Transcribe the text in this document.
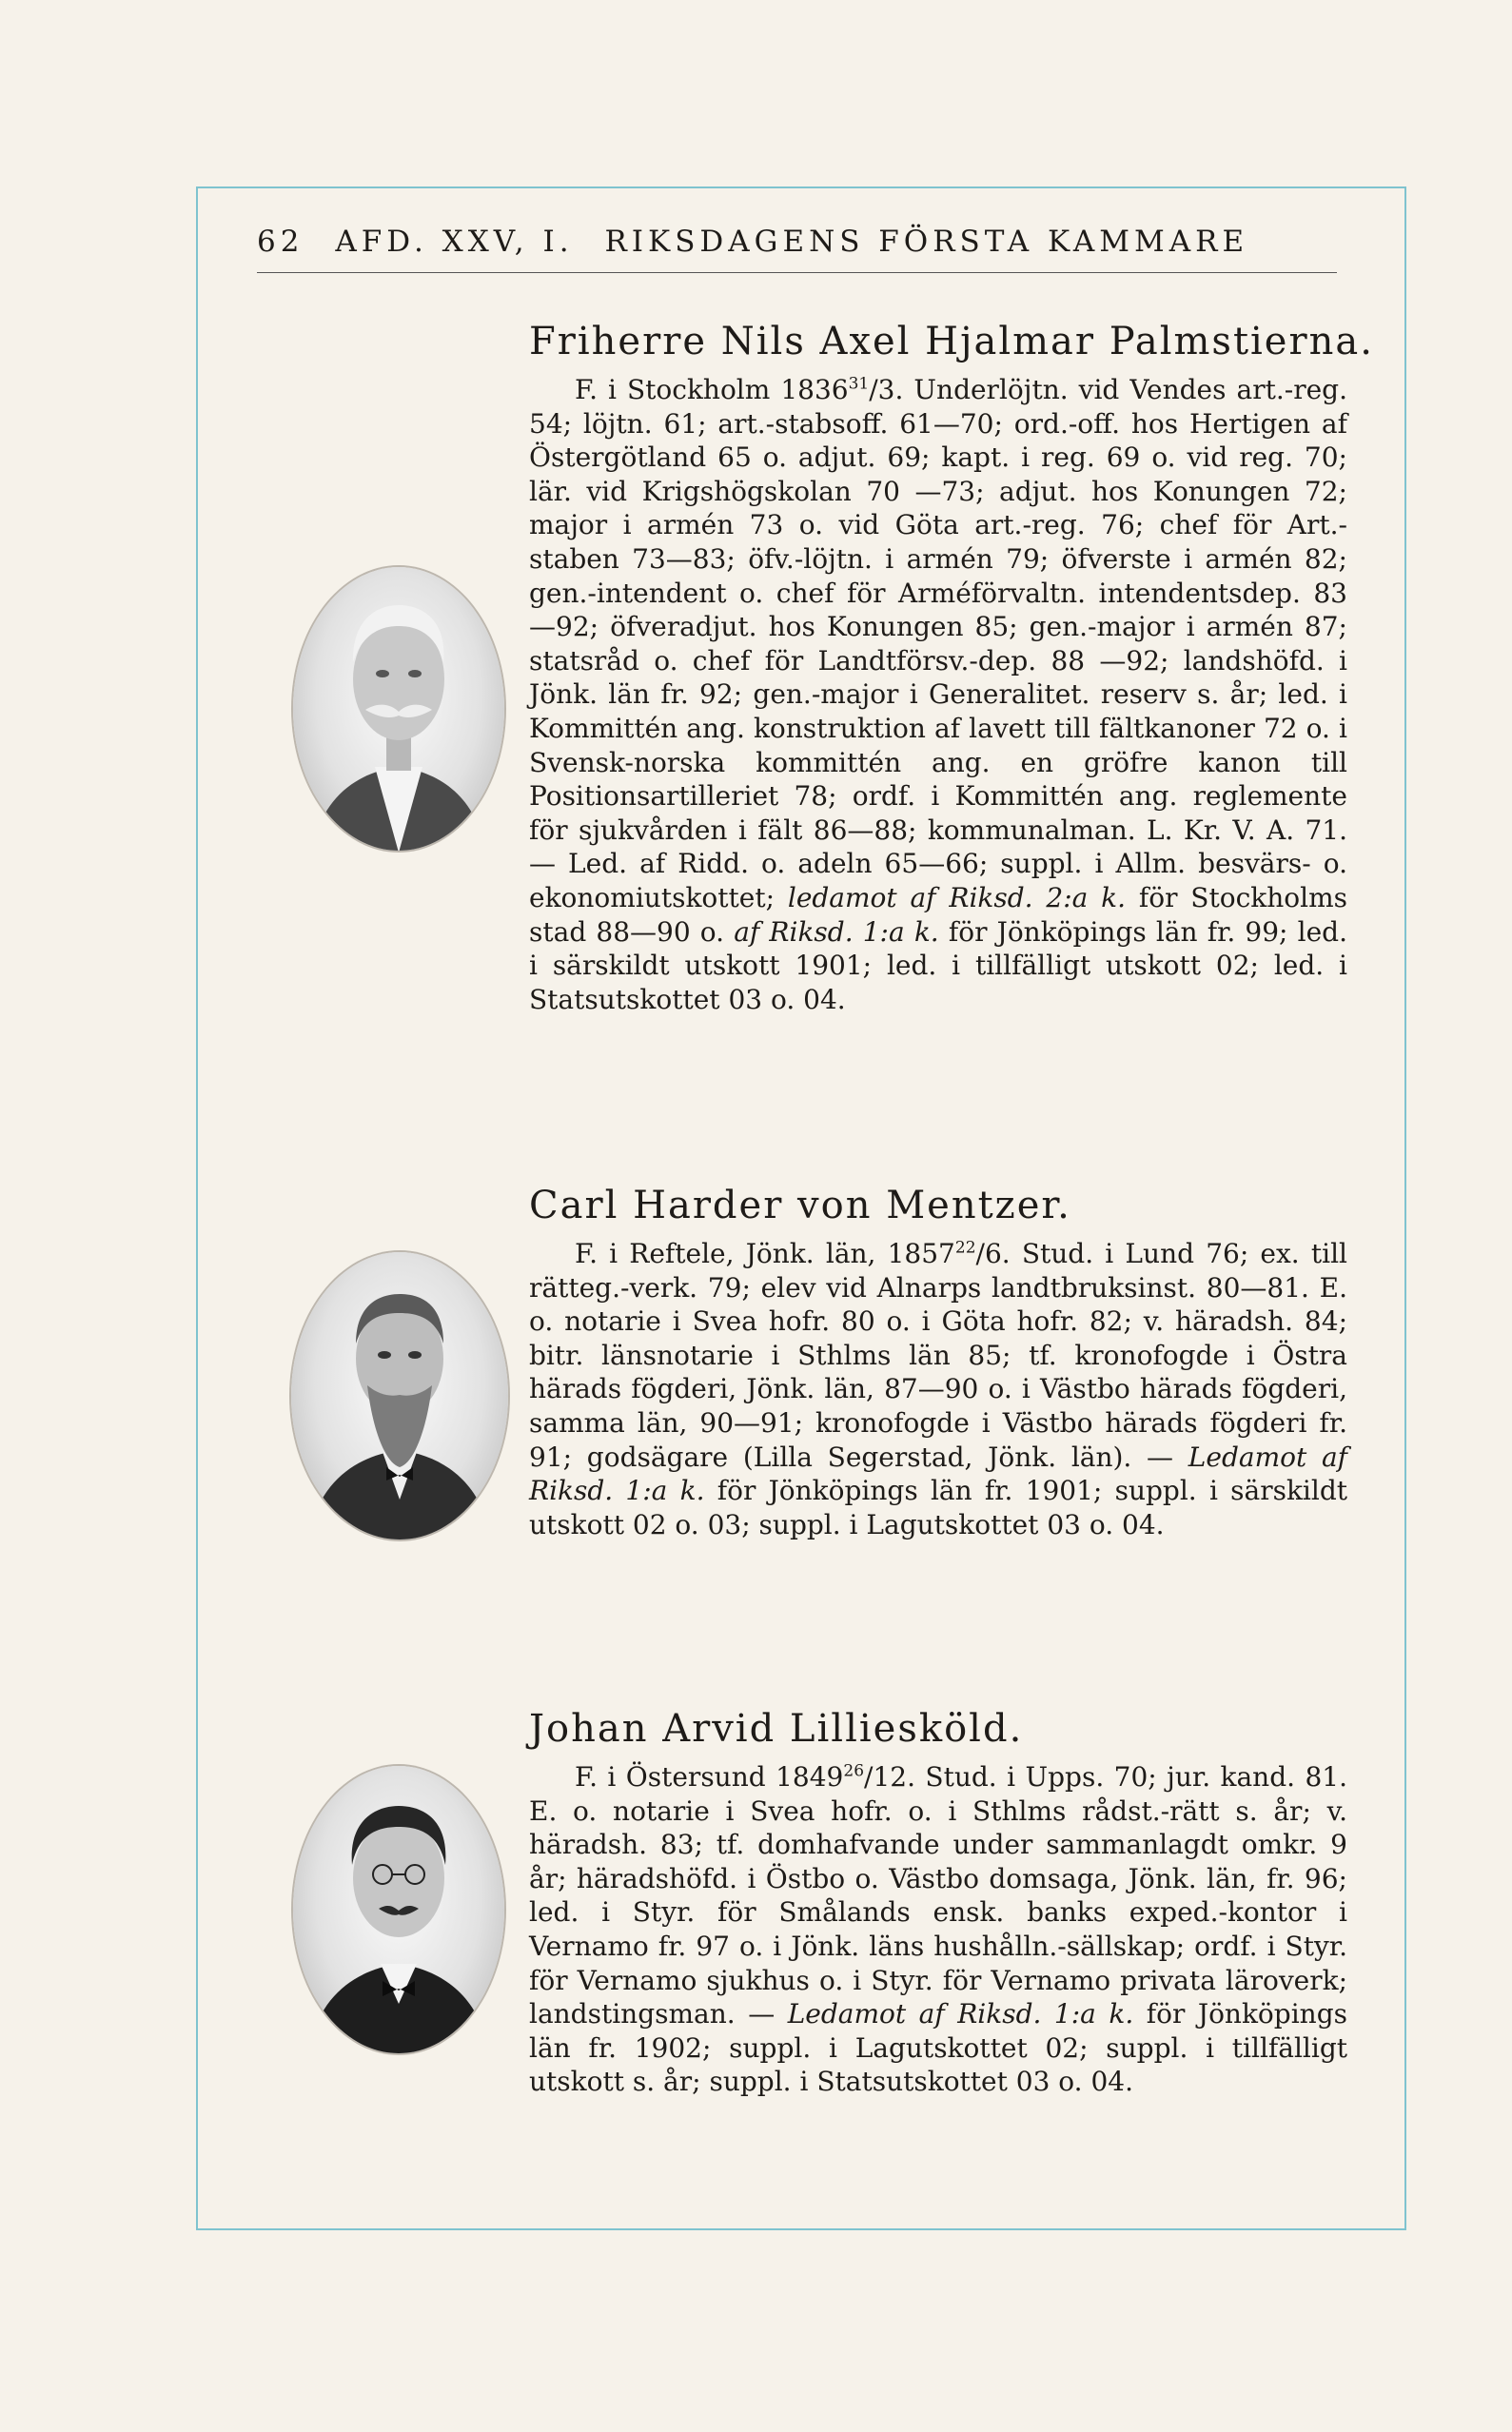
62 AFD. XXV, I. RIKSDAGENS FÖRSTA KAMMARE
Friherre Nils Axel Hjalmar Palmstierna.

F. i Stockholm 1836$^{31}$/3. Underlöjtn. vid Vendes art.-reg. 54; löjtn. 61; art.-stabsoff. 61—70; ord.-off. hos Hertigen af Östergötland 65 o. adjut. 69; kapt. i reg. 69 o. vid reg. 70; lär. vid Krigshögskolan 70 —73; adjut. hos Konungen 72; major i armén 73 o. vid Göta art.-reg. 76; chef för Art.-staben 73—83; öfv.-löjtn. i armén 79; öfverste i armén 82; gen.-intendent o. chef för Arméförvaltn. intendentsdep. 83—92; öfveradjut. hos Konungen 85; gen.-major i armén 87; statsråd o. chef för Landtförsv.-dep. 88 —92; landshöfd. i Jönk. län fr. 92; gen.-major i Generalitet. reserv s. år; led. i Kommittén ang. konstruktion af lavett till fältkanoner 72 o. i Svensk-norska kommittén ang. en gröfre kanon till Positionsartilleriet 78; ordf. i Kommittén ang. reglemente för sjukvården i fält 86—88; kommunalman. L. Kr. V. A. 71. — Led. af Ridd. o. adeln 65—66; suppl. i Allm. besvärs- o. ekonomiutskottet; ledamot af Riksd. 2:a k. för Stockholms stad 88—90 o. af Riksd. 1:a k. för Jönköpings län fr. 99; led. i särskildt utskott 1901; led. i tillfälligt utskott 02; led. i Statsutskottet 03 o. 04.

Carl Harder von Mentzer.

F. i Reftele, Jönk. län, 1857$^{22}$/6. Stud. i Lund 76; ex. till rätteg.-verk. 79; elev vid Alnarps landtbruksinst. 80—81. E. o. notarie i Svea hofr. 80 o. i Göta hofr. 82; v. häradsh. 84; bitr. länsnotarie i Sthlms län 85; tf. kronofogde i Östra härads fögderi, Jönk. län, 87—90 o. i Västbo härads fögderi, samma län, 90—91; kronofogde i Västbo härads fögderi fr. 91; godsägare (Lilla Segerstad, Jönk. län). — Ledamot af Riksd. 1:a k. för Jönköpings län fr. 1901; suppl. i särskildt utskott 02 o. 03; suppl. i Lagutskottet 03 o. 04.

Johan Arvid Lilliesköld.

F. i Östersund 1849$^{26}$/12. Stud. i Upps. 70; jur. kand. 81. E. o. notarie i Svea hofr. o. i Sthlms rådst.-rätt s. år; v. häradsh. 83; tf. domhafvande under sammanlagdt omkr. 9 år; häradshöfd. i Östbo o. Västbo domsaga, Jönk. län, fr. 96; led. i Styr. för Smålands ensk. banks exped.-kontor i Vernamo fr. 97 o. i Jönk. läns hushålln.-sällskap; ordf. i Styr. för Vernamo sjukhus o. i Styr. för Vernamo privata läroverk; landstingsman. — Ledamot af Riksd. 1:a k. för Jönköpings län fr. 1902; suppl. i Lagutskottet 02; suppl. i tillfälligt utskott s. år; suppl. i Statsutskottet 03 o. 04.
